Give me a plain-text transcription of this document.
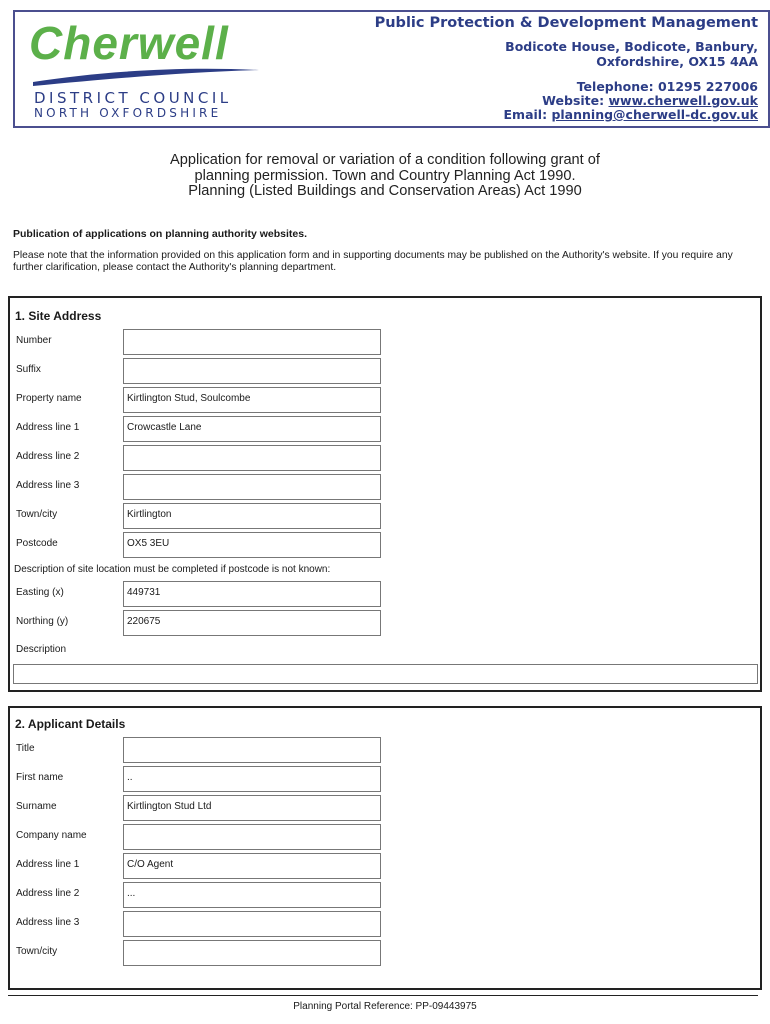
Cherwell
DISTRICT COUNCIL
NORTH OXFORDSHIRE
Public Protection & Development Management
Bodicote House, Bodicote, Banbury,
Oxfordshire, OX15 4AA
Telephone: 01295 227006
Website: www.cherwell.gov.uk
Email: planning@cherwell-dc.gov.uk
Application for removal or variation of a condition following grant of
planning permission. Town and Country Planning Act 1990.
Planning (Listed Buildings and Conservation Areas) Act 1990
Publication of applications on planning authority websites.
Please note that the information provided on this application form and in supporting documents may be published on the Authority's website. If you require any further clarification, please contact the Authority's planning department.
1. Site Address
Number
Suffix
Property name	Kirtlington Stud, Soulcombe
Address line 1	Crowcastle Lane
Address line 2
Address line 3
Town/city	Kirtlington
Postcode	OX5 3EU
Description of site location must be completed if postcode is not known:
Easting (x)	449731
Northing (y)	220675
Description
2. Applicant Details
Title
First name	..
Surname	Kirtlington Stud Ltd
Company name
Address line 1	C/O Agent
Address line 2	...
Address line 3
Town/city
Planning Portal Reference: PP-09443975
